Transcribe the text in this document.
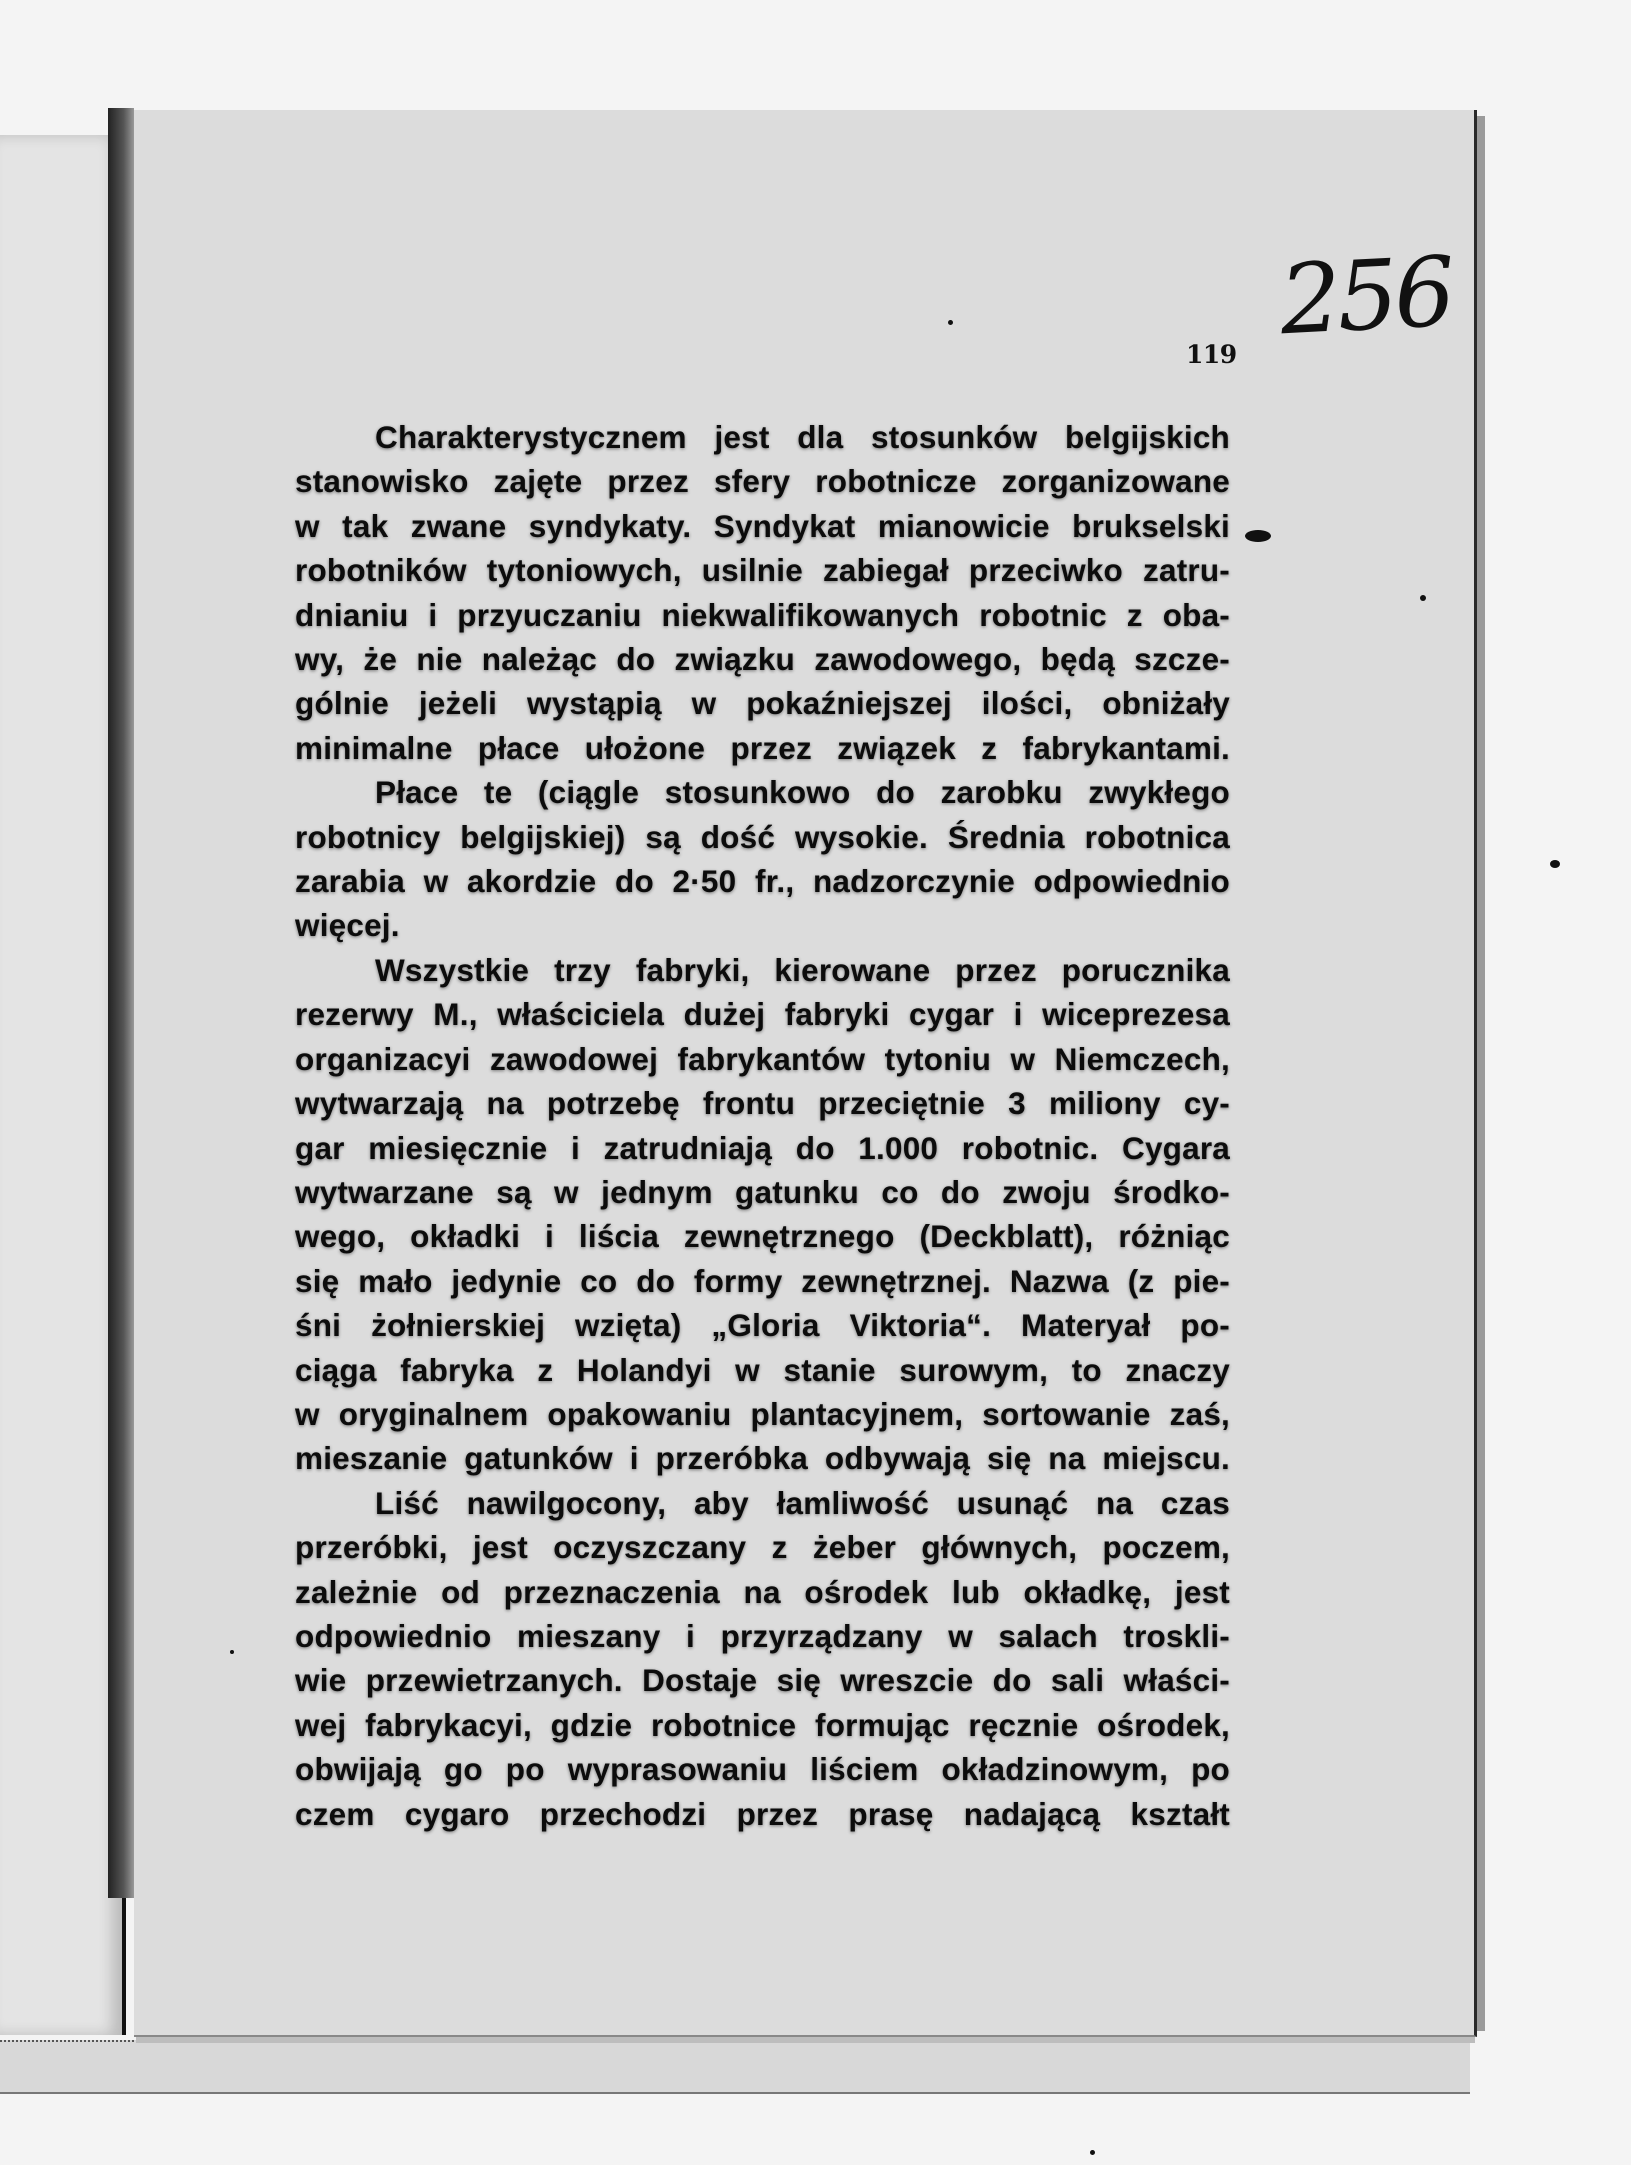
256
119

Charakterystycznem jest dla stosunków belgijskich
stanowisko zajęte przez sfery robotnicze zorganizowane
w tak zwane syndykaty. Syndykat mianowicie brukselski
robotników tytoniowych, usilnie zabiegał przeciwko zatru-
dnianiu i przyuczaniu niekwalifikowanych robotnic z oba-
wy, że nie należąc do związku zawodowego, będą szcze-
gólnie jeżeli wystąpią w pokaźniejszej ilości, obniżały
minimalne płace ułożone przez związek z fabrykantami.

Płace te (ciągle stosunkowo do zarobku zwykłego
robotnicy belgijskiej) są dość wysokie. Średnia robotnica
zarabia w akordzie do 2·50 fr., nadzorczynie odpowiednio
więcej.

Wszystkie trzy fabryki, kierowane przez porucznika
rezerwy M., właściciela dużej fabryki cygar i wiceprezesa
organizacyi zawodowej fabrykantów tytoniu w Niemczech,
wytwarzają na potrzebę frontu przeciętnie 3 miliony cy-
gar miesięcznie i zatrudniają do 1.000 robotnic. Cygara
wytwarzane są w jednym gatunku co do zwoju środko-
wego, okładki i liścia zewnętrznego (Deckblatt), różniąc
się mało jedynie co do formy zewnętrznej. Nazwa (z pie-
śni żołnierskiej wzięta) „Gloria Viktoria“. Materyał po-
ciąga fabryka z Holandyi w stanie surowym, to znaczy
w oryginalnem opakowaniu plantacyjnem, sortowanie zaś,
mieszanie gatunków i przeróbka odbywają się na miejscu.

Liść nawilgocony, aby łamliwość usunąć na czas
przeróbki, jest oczyszczany z żeber głównych, poczem,
zależnie od przeznaczenia na ośrodek lub okładkę, jest
odpowiednio mieszany i przyrządzany w salach troskli-
wie przewietrzanych. Dostaje się wreszcie do sali właści-
wej fabrykacyi, gdzie robotnice formując ręcznie ośrodek,
obwijają go po wyprasowaniu liściem okładzinowym, po
czem cygaro przechodzi przez prasę nadającą kształt
